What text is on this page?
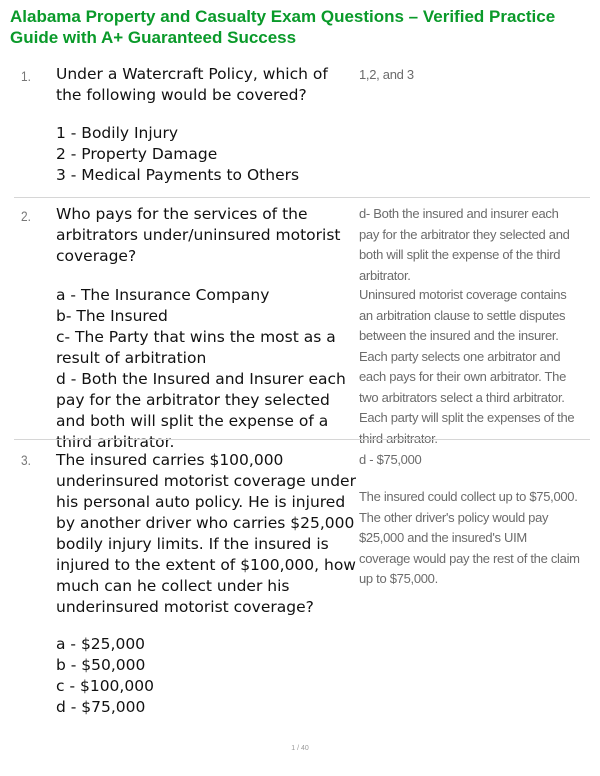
Alabama Property and Casualty Exam Questions – Verified Practice Guide with A+ Guaranteed Success
1. Under a Watercraft Policy, which of the following would be covered?

1 - Bodily Injury
2 - Property Damage
3 - Medical Payments to Others

1,2, and 3

2. Who pays for the services of the arbitrators under/uninsured motorist coverage?

a - The Insurance Company
b- The Insured
c- The Party that wins the most as a result of arbitration
d - Both the Insured and Insurer each pay for the arbitrator they selected and both will split the expense of a third arbitrator.

d- Both the insured and insurer each pay for the arbitrator they selected and both will split the expense of the third arbitrator.

Uninsured motorist coverage contains an arbitration clause to settle disputes between the insured and the insurer. Each party selects one arbitrator and each pays for their own arbitrator. The two arbitrators select a third arbitrator. Each party will split the expenses of the third arbitrator.

3. The insured carries $100,000 underinsured motorist coverage under his personal auto policy. He is injured by another driver who carries $25,000 bodily injury limits. If the insured is injured to the extent of $100,000, how much can he collect under his underinsured motorist coverage?

a - $25,000
b - $50,000
c - $100,000
d - $75,000

d - $75,000

The insured could collect up to $75,000. The other driver's policy would pay $25,000 and the insured's UIM coverage would pay the rest of the claim up to $75,000.

1 / 40
